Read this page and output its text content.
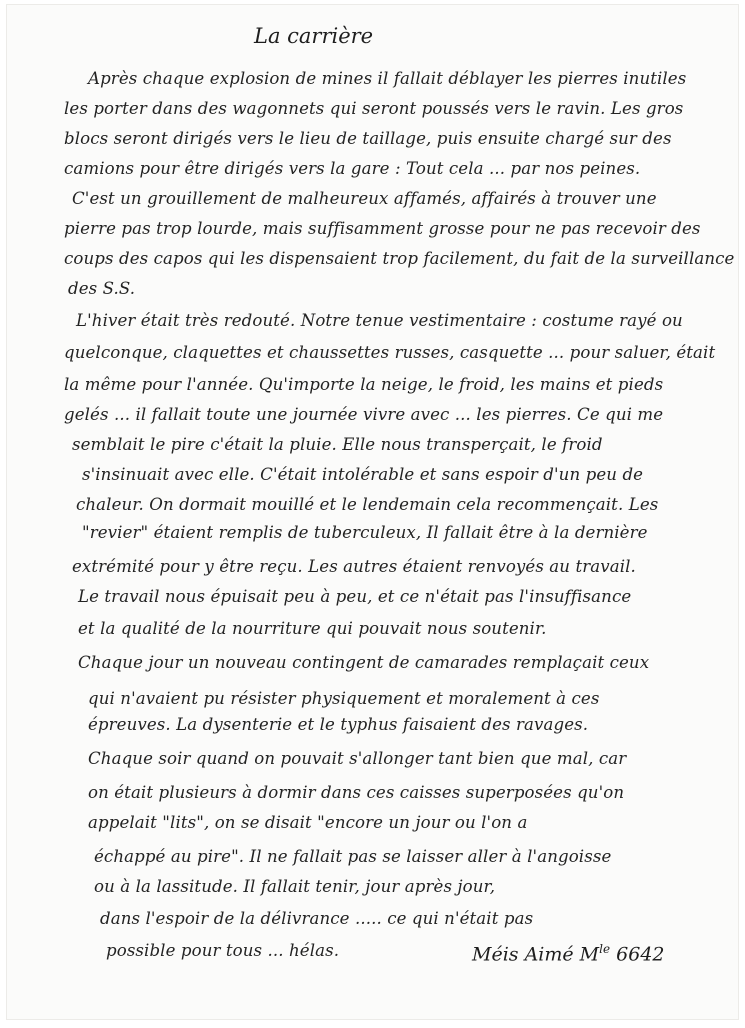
La carrière
Après chaque explosion de mines il fallait déblayer les pierres inutiles
les porter dans des wagonnets qui seront poussés vers le ravin. Les gros
blocs seront dirigés vers le lieu de taillage, puis ensuite chargé sur des
camions pour être dirigés vers la gare : Tout cela ... par nos peines.
C'est un grouillement de malheureux affamés, affairés à trouver une
pierre pas trop lourde, mais suffisamment grosse pour ne pas recevoir des
coups des capos qui les dispensaient trop facilement, du fait de la surveillance
des S.S.
L'hiver était très redouté. Notre tenue vestimentaire : costume rayé ou
quelconque, claquettes et chaussettes russes, casquette ... pour saluer, était
la même pour l'année. Qu'importe la neige, le froid, les mains et pieds
gelés ... il fallait toute une journée vivre avec ... les pierres. Ce qui me
semblait le pire c'était la pluie. Elle nous transperçait, le froid
s'insinuait avec elle. C'était intolérable et sans espoir d'un peu de
chaleur. On dormait mouillé et le lendemain cela recommençait. Les
"revier" étaient remplis de tuberculeux, Il fallait être à la dernière
extrémité pour y être reçu. Les autres étaient renvoyés au travail.
Le travail nous épuisait peu à peu, et ce n'était pas l'insuffisance
et la qualité de la nourriture qui pouvait nous soutenir.
Chaque jour un nouveau contingent de camarades remplaçait ceux
qui n'avaient pu résister physiquement et moralement à ces
épreuves. La dysenterie et le typhus faisaient des ravages.
Chaque soir quand on pouvait s'allonger tant bien que mal, car
on était plusieurs à dormir dans ces caisses superposées qu'on
appelait "lits", on se disait "encore un jour ou l'on a
échappé au pire". Il ne fallait pas se laisser aller à l'angoisse
ou à la lassitude. Il fallait tenir, jour après jour,
dans l'espoir de la délivrance ..... ce qui n'était pas
possible pour tous ... hélas.	Méis Aimé $M^{le}$ 6642
